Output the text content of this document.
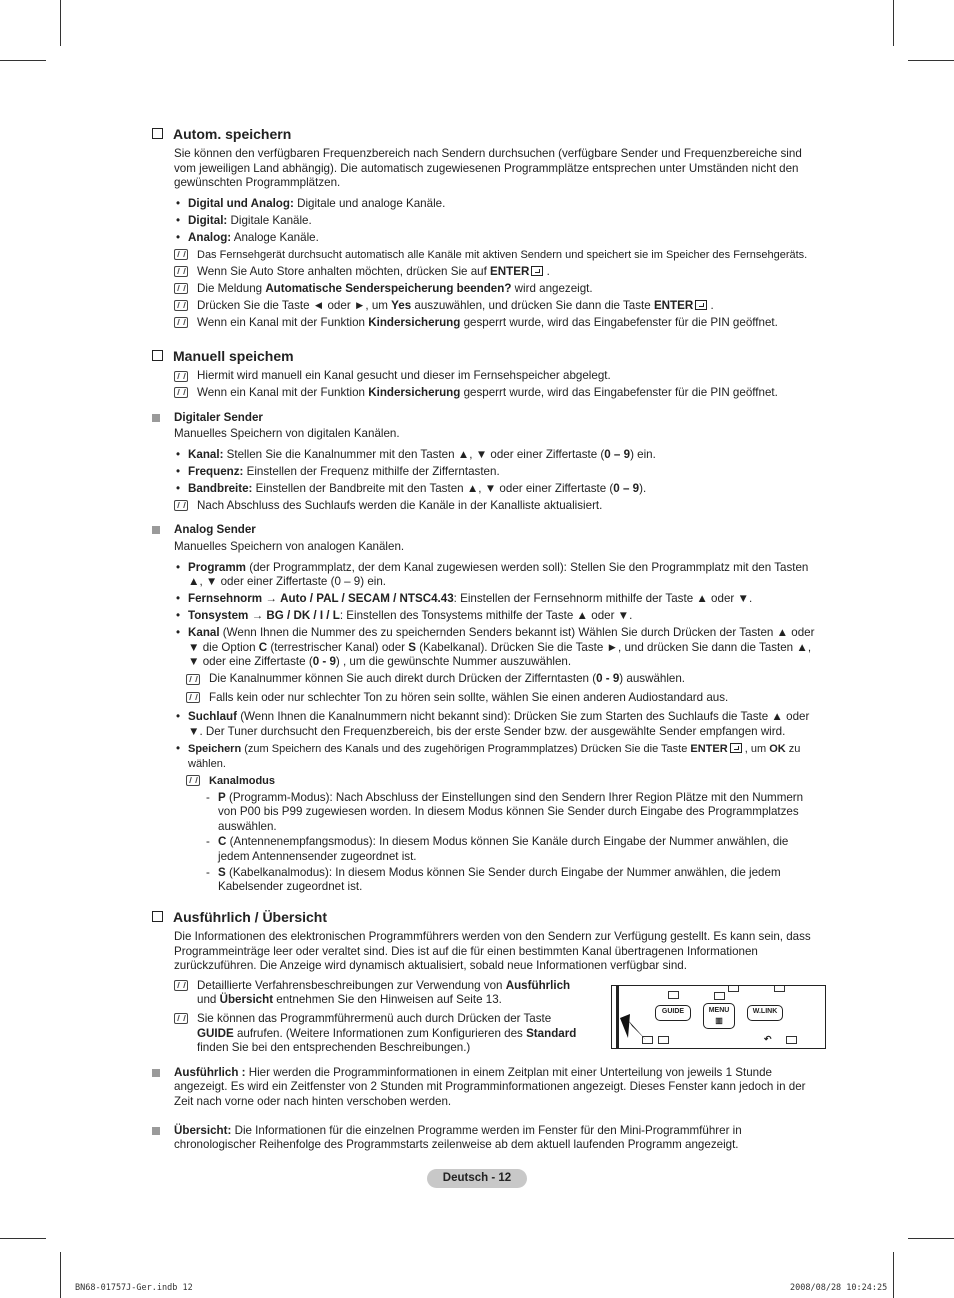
Autom. speichern

Sie können den verfügbaren Frequenzbereich nach Sendern durchsuchen (verfügbare Sender und Frequenzbereiche sind vom jeweiligen Land abhängig). Die automatisch zugewiesenen Programmplätze entsprechen unter Umständen nicht den gewünschten Programmplätzen.

• Digital und Analog: Digitale und analoge Kanäle.
• Digital: Digitale Kanäle.
• Analog: Analoge Kanäle.
Das Fernsehgerät durchsucht automatisch alle Kanäle mit aktiven Sendern und speichert sie im Speicher des Fernsehgeräts.
Wenn Sie Auto Store anhalten möchten, drücken Sie auf ENTER .
Die Meldung Automatische Senderspeicherung beenden? wird angezeigt.
Drücken Sie die Taste ◄ oder ►, um Yes auszuwählen, und drücken Sie dann die Taste ENTER .
Wenn ein Kanal mit der Funktion Kindersicherung gesperrt wurde, wird das Eingabefenster für die PIN geöffnet.
Manuell speichem
Hiermit wird manuell ein Kanal gesucht und dieser im Fernsehspeicher abgelegt.
Wenn ein Kanal mit der Funktion Kindersicherung gesperrt wurde, wird das Eingabefenster für die PIN geöffnet.
Digitaler Sender

Manuelles Speichern von digitalen Kanälen.

• Kanal: Stellen Sie die Kanalnummer mit den Tasten ▲, ▼ oder einer Ziffertaste (0 – 9) ein.
• Frequenz: Einstellen der Frequenz mithilfe der Zifferntasten.
• Bandbreite: Einstellen der Bandbreite mit den Tasten ▲, ▼ oder einer Ziffertaste (0 – 9).
Nach Abschluss des Suchlaufs werden die Kanäle in der Kanalliste aktualisiert.
Analog Sender

Manuelles Speichern von analogen Kanälen.

• Programm (der Programmplatz, der dem Kanal zugewiesen werden soll): Stellen Sie den Programmplatz mit den Tasten ▲, ▼ oder einer Ziffertaste (0 – 9) ein.
• Fernsehnorm → Auto / PAL / SECAM / NTSC4.43: Einstellen der Fernsehnorm mithilfe der Taste ▲ oder ▼.
• Tonsystem → BG / DK / I / L: Einstellen des Tonsystems mithilfe der Taste ▲ oder ▼.
• Kanal (Wenn Ihnen die Nummer des zu speichernden Senders bekannt ist) Wählen Sie durch Drücken der Tasten ▲ oder ▼ die Option C (terrestrischer Kanal) oder S (Kabelkanal). Drücken Sie die Taste ►, und drücken Sie dann die Tasten ▲, ▼ oder eine Ziffertaste (0 - 9) , um die gewünschte Nummer auszuwählen.
Die Kanalnummer können Sie auch direkt durch Drücken der Zifferntasten (0 - 9) auswählen.
Falls kein oder nur schlechter Ton zu hören sein sollte, wählen Sie einen anderen Audiostandard aus.
• Suchlauf (Wenn Ihnen die Kanalnummern nicht bekannt sind): Drücken Sie zum Starten des Suchlaufs die Taste ▲ oder ▼. Der Tuner durchsucht den Frequenzbereich, bis der erste Sender bzw. der ausgewählte Sender empfangen wird.
• Speichern (zum Speichern des Kanals und des zugehörigen Programmplatzes) Drücken Sie die Taste ENTER , um OK zu wählen.
Kanalmodus
- P (Programm-Modus): Nach Abschluss der Einstellungen sind den Sendern Ihrer Region Plätze mit den Nummern von P00 bis P99 zugewiesen worden. In diesem Modus können Sie Sender durch Eingabe des Programmplatzes auswählen.
- C (Antennenempfangsmodus): In diesem Modus können Sie Kanäle durch Eingabe der Nummer anwählen, die jedem Antennensender zugeordnet ist.
- S (Kabelkanalmodus): In diesem Modus können Sie Sender durch Eingabe der Nummer anwählen, die jedem Kabelsender zugeordnet ist.
Ausführlich / Übersicht

Die Informationen des elektronischen Programmführers werden von den Sendern zur Verfügung gestellt. Es kann sein, dass Programmeinträge leer oder veraltet sind. Dies ist auf die für einen bestimmten Kanal übertragenen Informationen zurückzuführen. Die Anzeige wird dynamisch aktualisiert, sobald neue Informationen verfügbar sind.

Detaillierte Verfahrensbeschreibungen zur Verwendung von Ausführlich und Übersicht entnehmen Sie den Hinweisen auf Seite 13.
Sie können das Programmführermenü auch durch Drücken der Taste GUIDE aufrufen. (Weitere Informationen zum Konfigurieren des Standard finden Sie bei den entsprechenden Beschreibungen.)
Ausführlich : Hier werden die Programminformationen in einem Zeitplan mit einer Unterteilung von jeweils 1 Stunde angezeigt. Es wird ein Zeitfenster von 2 Stunden mit Programminformationen angezeigt. Dieses Fenster kann jedoch in der Zeit nach vorne oder nach hinten verschoben werden.
Übersicht: Die Informationen für die einzelnen Programme werden im Fenster für den Mini-Programmführer in chronologischer Reihenfolge des Programmstarts zeilenweise ab dem aktuell laufenden Programm angezeigt.
GUIDE	MENU
▥
W.LINK
↶
Deutsch - 12
BN68-01757J-Ger.indb 12	2008/08/28 10:24:25
